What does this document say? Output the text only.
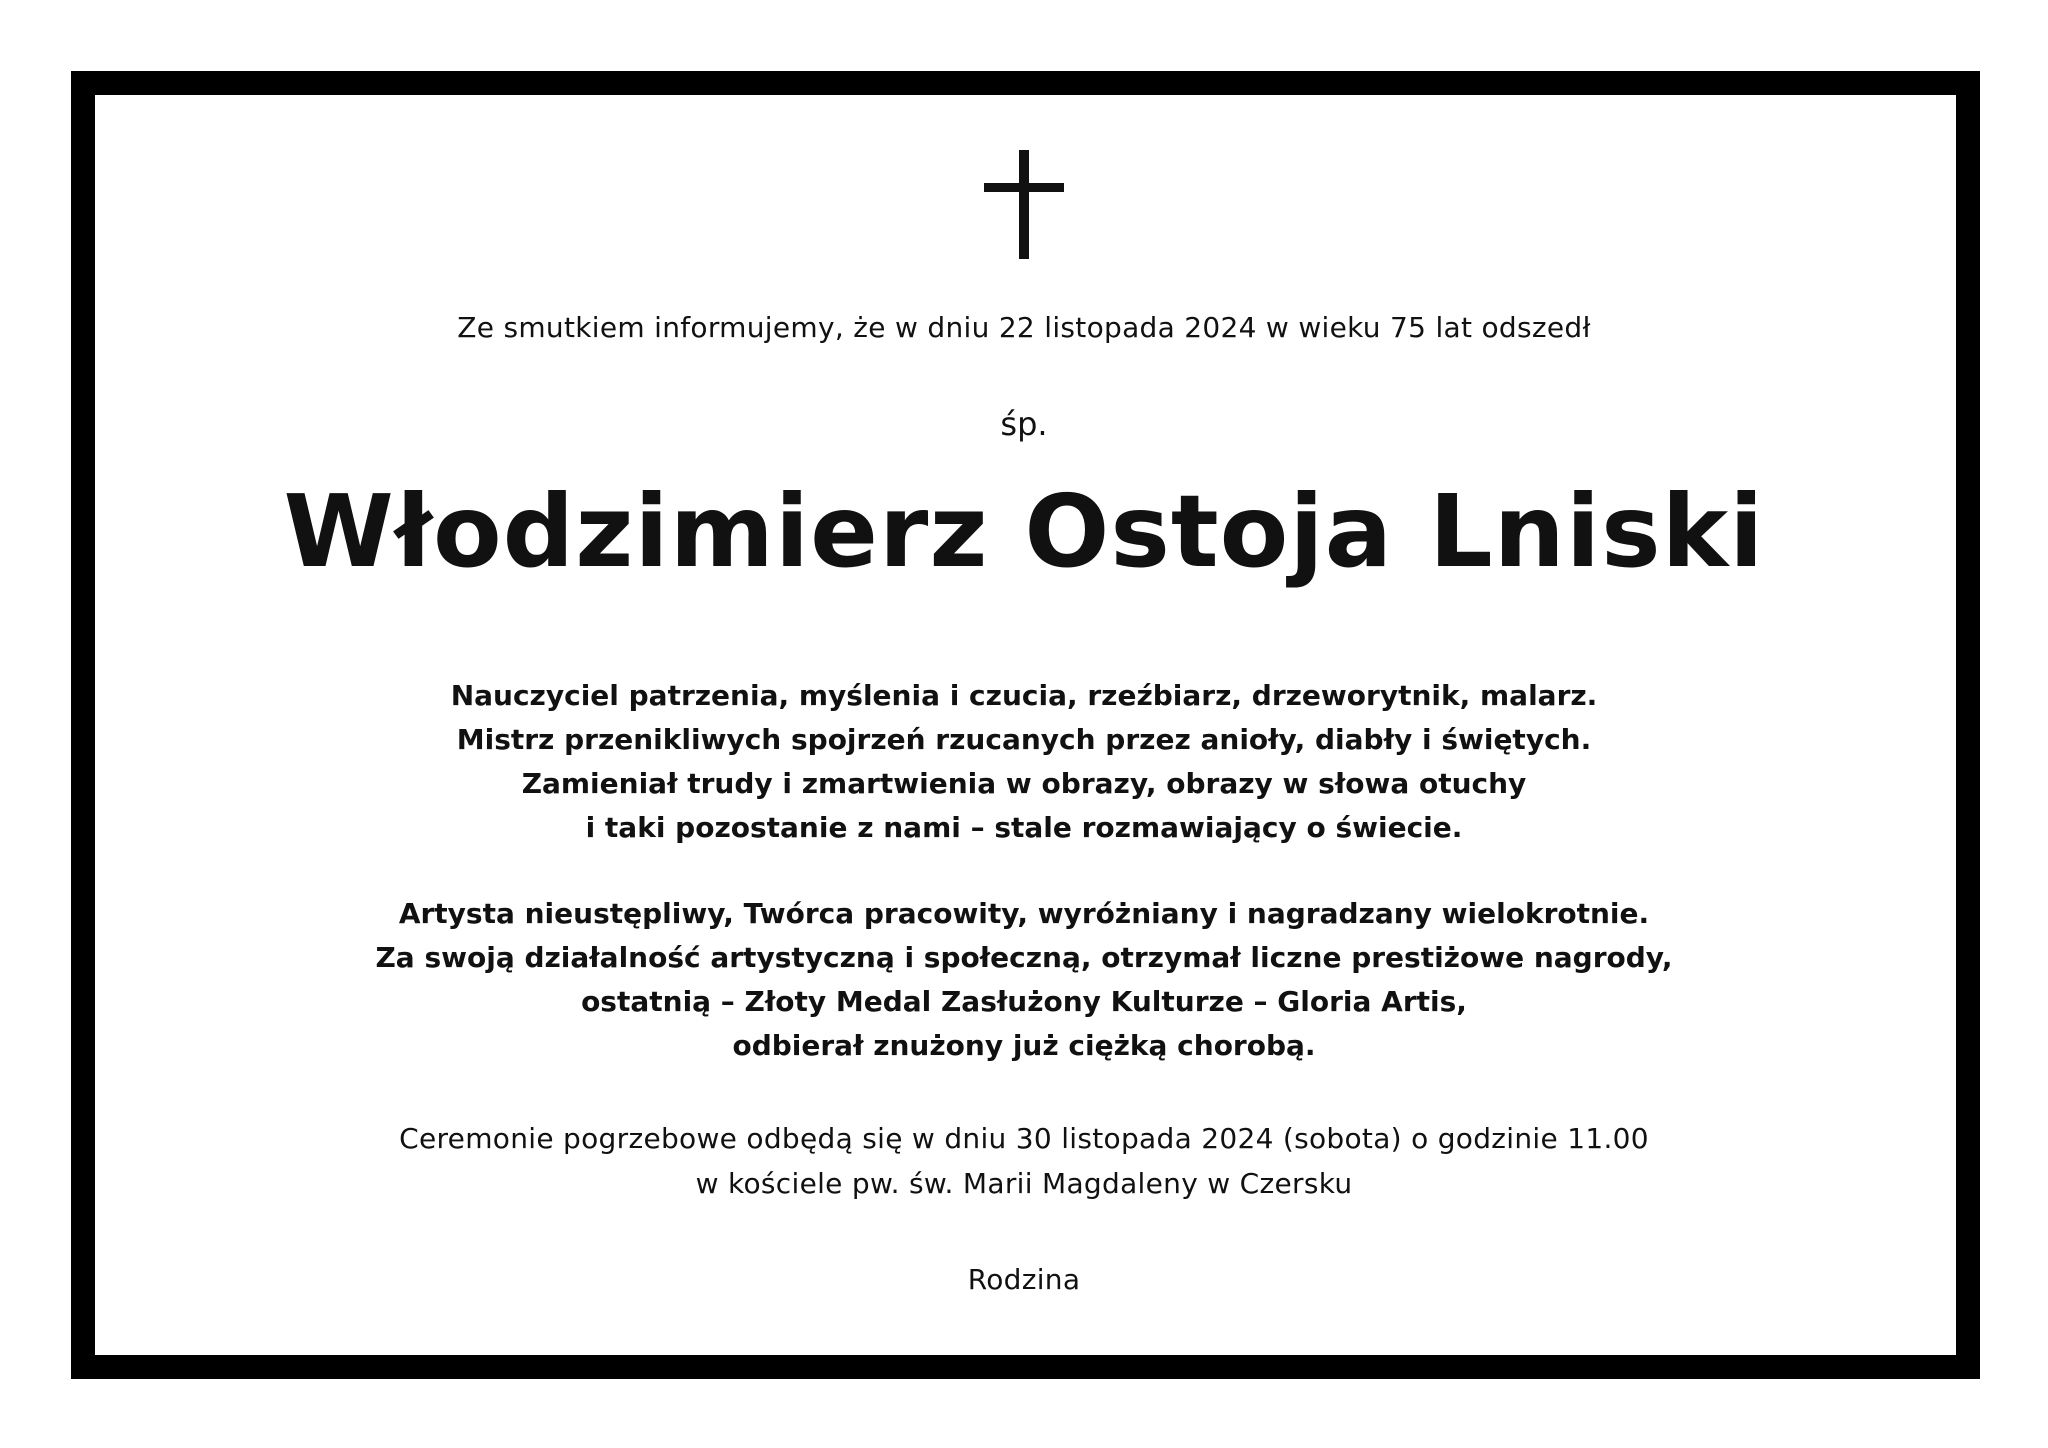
Ze smutkiem informujemy, że w dniu 22 listopada 2024 w wieku 75 lat odszedł
śp.
Włodzimierz Ostoja Lniski
Nauczyciel patrzenia, myślenia i czucia, rzeźbiarz, drzeworytnik, malarz.
Mistrz przenikliwych spojrzeń rzucanych przez anioły, diabły i świętych.
Zamieniał trudy i zmartwienia w obrazy, obrazy w słowa otuchy
i taki pozostanie z nami – stale rozmawiający o świecie.
Artysta nieustępliwy, Twórca pracowity, wyróżniany i nagradzany wielokrotnie.
Za swoją działalność artystyczną i społeczną, otrzymał liczne prestiżowe nagrody,
ostatnią – Złoty Medal Zasłużony Kulturze – Gloria Artis,
odbierał znużony już ciężką chorobą.
Ceremonie pogrzebowe odbędą się w dniu 30 listopada 2024 (sobota) o godzinie 11.00
w kościele pw. św. Marii Magdaleny w Czersku
Rodzina
